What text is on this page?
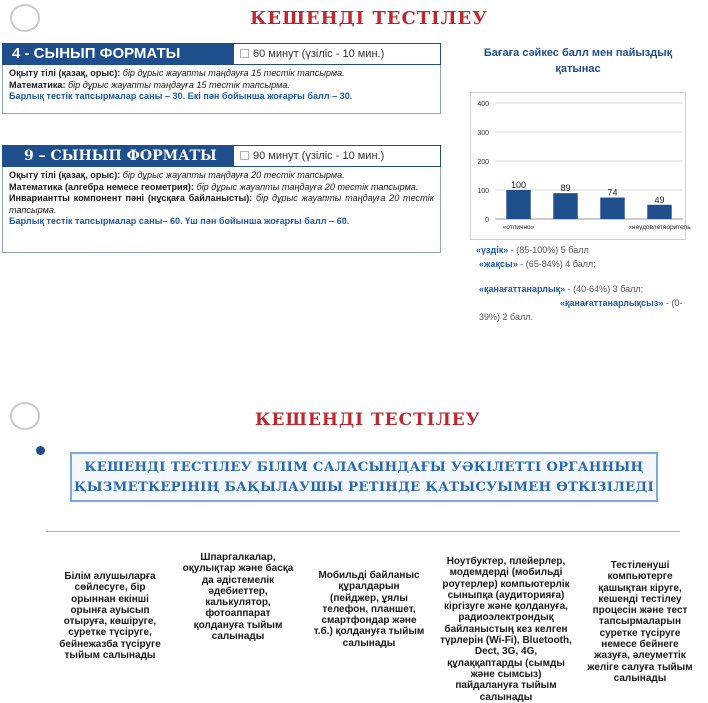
КЕШЕНДІ ТЕСТІЛЕУ
4 - СЫНЫП ФОРМАТЫ	60 минут (үзіліс - 10 мин.)

Оқыту тілі (қазақ, орыс): бір дұрыс жауапты таңдауға 15 тестік тапсырма.

Математика: бір дұрыс жауапты таңдауға 15 тестік тапсырма.

Барлық тестік тапсырмалар саны – 30. Екі пән бойынша жоғарғы балл – 30.

9 – СЫНЫП ФОРМАТЫ	90 минут (үзіліс - 10 мин.)

Оқыту тілі (қазақ, орыс): бір дұрыс жауапты таңдауға 20 тестік тапсырма.

Математика (алгебра немесе геометрия): бір дұрыс жауапты таңдауға 20 тестік тапсырма.

Инвариантты компонент пәні (нұсқаға байланысты): бір дұрыс жауапты таңдауға 20 тестік тапсырма.

Барлық тестік тапсырмалар саны– 60. Үш пән бойынша жоғарғы балл – 60.

Бағаға сәйкес балл мен пайыздық қатынас
0
100
200
300
400
100
«отлично»
89	74
49
«неудовлетворитель
«үздік» - (85-100%) 5 балл
«жақсы» - (65-84%) 4 балл;
«қанағаттанарлық» - (40-64%) 3 балл;
«қанағаттанарлықсыз» - (0-
39%) 2 балл.
КЕШЕНДІ ТЕСТІЛЕУ
КЕШЕНДІ ТЕСТІЛЕУ БІЛІМ САЛАСЫНДАҒЫ УӘКІЛЕТТІ ОРГАННЫҢ
ҚЫЗМЕТКЕРІНІҢ БАҚЫЛАУШЫ РЕТІНДЕ ҚАТЫСУЫМЕН ӨТКІЗІЛЕДІ
Білім алушыларға
сөйлесуге, бір
орыннан екінші
орынға ауысып
отыруға, көшіруге,
суретке түсіруге,
бейнежазба түсіруге
тыйым салынады
Шпаргалкалар,
оқулықтар және басқа
да әдістемелік
әдебиеттер,
калькулятор,
фотоаппарат
қолдануға тыйым
салынады
Мобильді байланыс
құралдарын
(пейджер, ұялы
телефон, планшет,
смартфондар және
т.б.) қолдануға тыйым
салынады
Ноутбуктер, плейерлер,
модемдерді (мобильді
роутерлер) компьютерлік
сыныпқа (аудиторияға)
кіргізуге және қолдануға,
радиоэлектрондық
байланыстың кез келген
түрлерін (Wi-Fi), Bluetooth,
Dect, 3G, 4G,
құлаққаптарды (сымды
және сымсыз)
пайдалануға тыйым
салынады
Тестіленуші
компьютерге
қашықтан кіруге,
кешенді тестілеу
процесін және тест
тапсырмаларын
суретке түсіруге
немесе бейнеге
жазуға, әлеуметтік
желіге салуға тыйым
салынады
